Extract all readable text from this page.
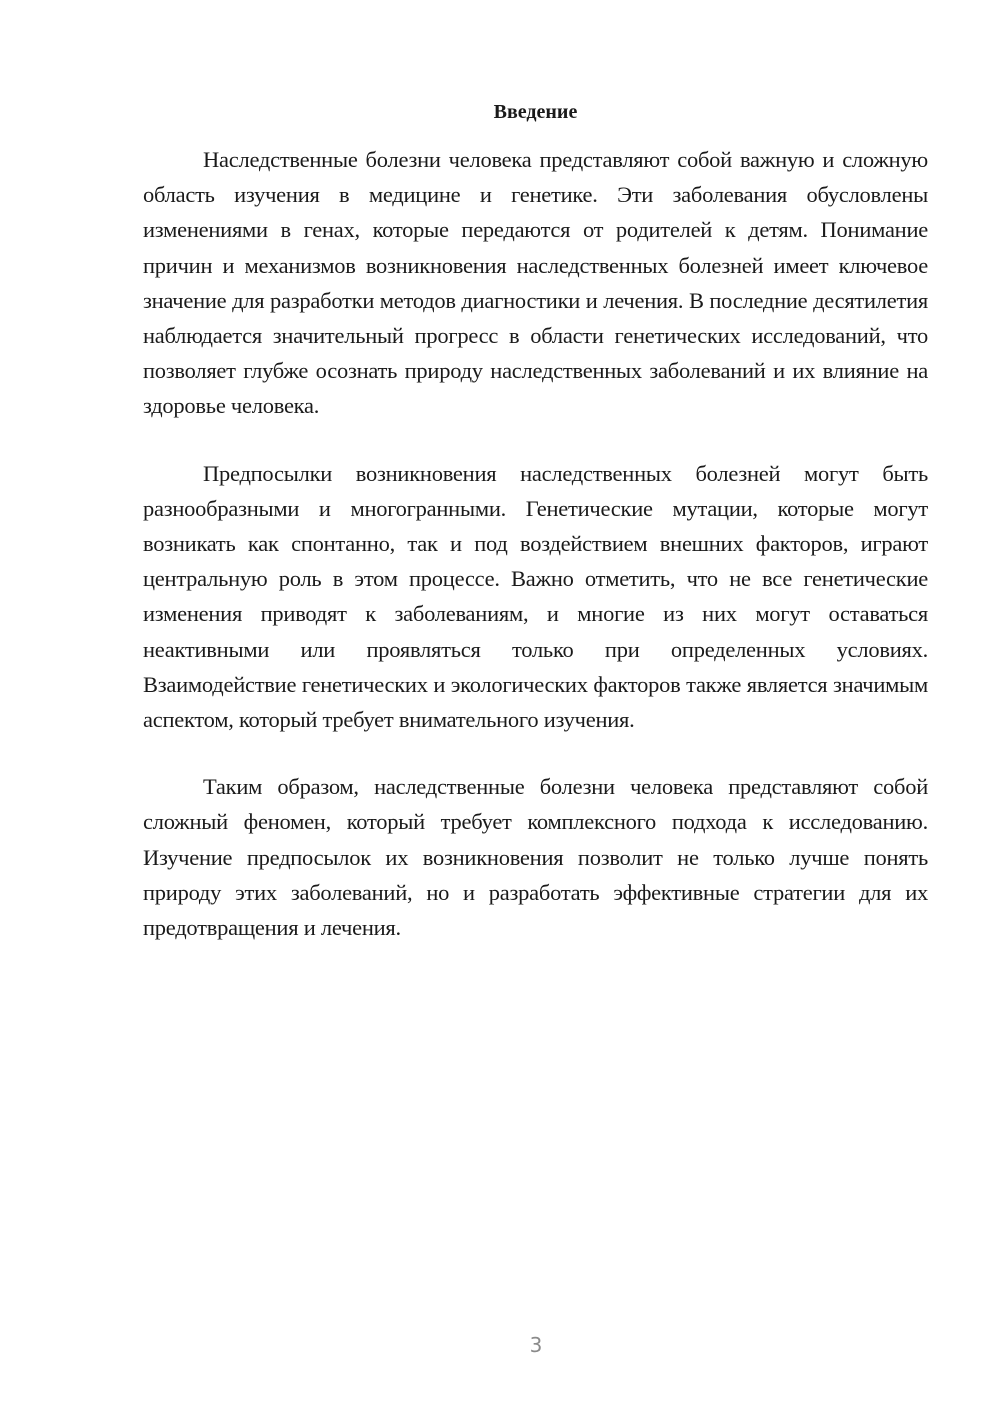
Введение

Наследственные болезни человека представляют собой важную и сложную область изучения в медицине и генетике. Эти заболевания обусловлены изменениями в генах, которые передаются от родителей к детям. Понимание причин и механизмов возникновения наследственных болезней имеет ключевое значение для разработки методов диагностики и лечения. В последние десятилетия наблюдается значительный прогресс в области генетических исследований, что позволяет глубже осознать природу наследственных заболеваний и их влияние на здоровье человека.

Предпосылки возникновения наследственных болезней могут быть разнообразными и многогранными. Генетические мутации, которые могут возникать как спонтанно, так и под воздействием внешних факторов, играют центральную роль в этом процессе. Важно отметить, что не все генетические изменения приводят к заболеваниям, и многие из них могут оставаться неактивными или проявляться только при определенных условиях. Взаимодействие генетических и экологических факторов также является значимым аспектом, который требует внимательного изучения.

Таким образом, наследственные болезни человека представляют собой сложный феномен, который требует комплексного подхода к исследованию. Изучение предпосылок их возникновения позволит не только лучше понять природу этих заболеваний, но и разработать эффективные стратегии для их предотвращения и лечения.

3
